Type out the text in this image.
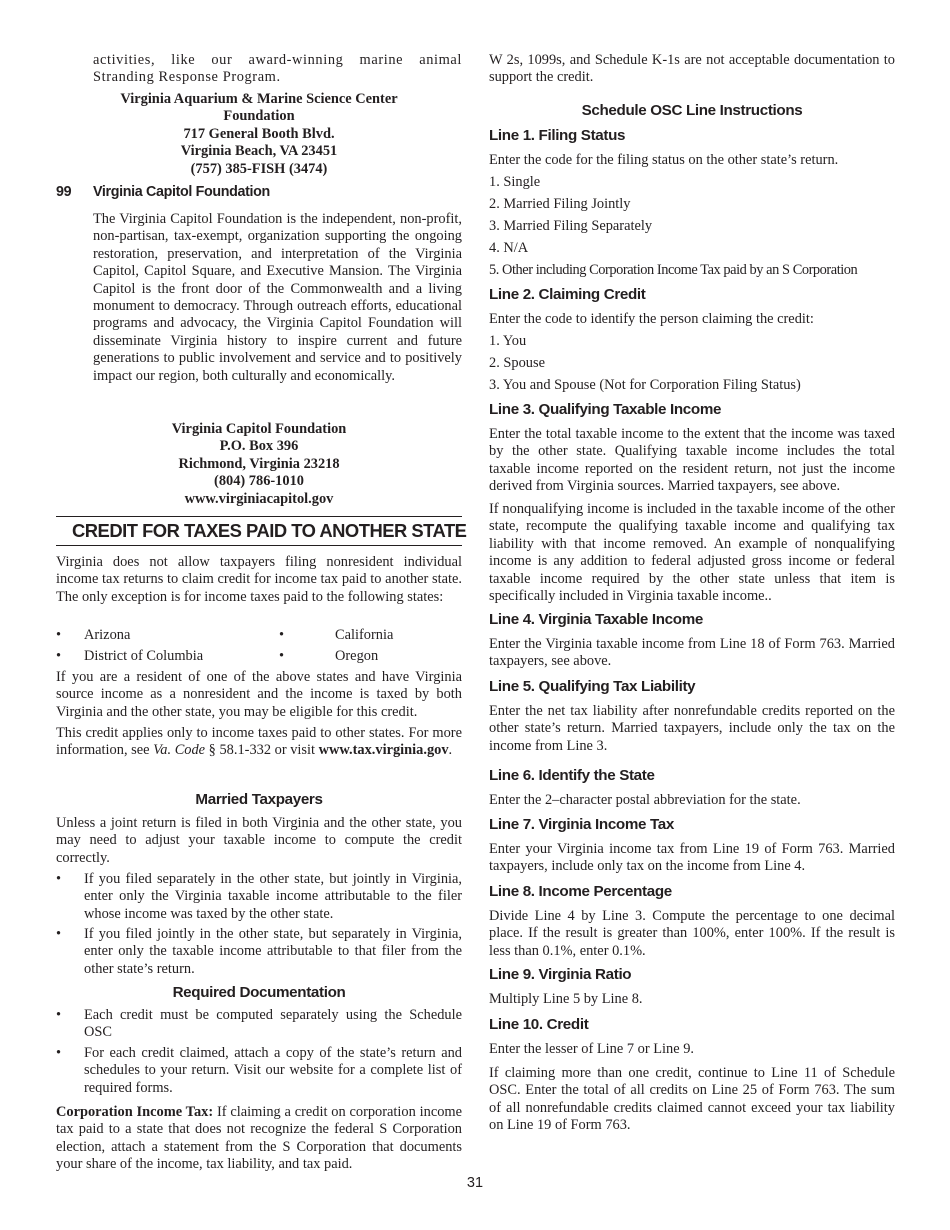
activities, like our award-winning marine animal Stranding Response Program.

Virginia Aquarium & Marine Science Center
Foundation
717 General Booth Blvd.
Virginia Beach, VA 23451
(757) 385-FISH (3474)
99 Virginia Capitol Foundation

The Virginia Capitol Foundation is the independent, non-profit, non-partisan, tax-exempt, organization supporting the ongoing restoration, preservation, and interpretation of the Virginia Capitol, Capitol Square, and Executive Mansion. The Virginia Capitol is the front door of the Commonwealth and a living monument to democracy. Through outreach efforts, educational programs and advocacy, the Virginia Capitol Foundation will disseminate Virginia history to inspire current and future generations to public involvement and service and to positively impact our region, both culturally and economically.

Virginia Capitol Foundation
P.O. Box 396
Richmond, Virginia 23218
(804) 786-1010
www.virginiacapitol.gov
CREDIT FOR TAXES PAID TO ANOTHER STATE

Virginia does not allow taxpayers filing nonresident individual income tax returns to claim credit for income tax paid to another state. The only exception is for income taxes paid to the following states:

• Arizona	•	California
• District of Columbia	•	Oregon

If you are a resident of one of the above states and have Virginia source income as a nonresident and the income is taxed by both Virginia and the other state, you may be eligible for this credit.

This credit applies only to income taxes paid to other states. For more information, see Va. Code § 58.1-332 or visit www.tax.virginia.gov.

Married Taxpayers

Unless a joint return is filed in both Virginia and the other state, you may need to adjust your taxable income to compute the credit correctly.

• If you filed separately in the other state, but jointly in Virginia, enter only the Virginia taxable income attributable to the filer whose income was taxed by the other state.

• If you filed jointly in the other state, but separately in Virginia, enter only the taxable income attributable to that filer from the other state’s return.

Required Documentation
• Each credit must be computed separately using the Schedule OSC

• For each credit claimed, attach a copy of the state’s return and schedules to your return. Visit our website for a complete list of required forms.

Corporation Income Tax: If claiming a credit on corporation income tax paid to a state that does not recognize the federal S Corporation election, attach a statement from the S Corporation that documents your share of the income, tax liability, and tax paid.

W 2s, 1099s, and Schedule K-1s are not acceptable documentation to support the credit.

Schedule OSC Line Instructions
Line 1. Filing Status

Enter the code for the filing status on the other state’s return.

1. Single
2. Married Filing Jointly
3. Married Filing Separately
4. N/A
5. Other including Corporation Income Tax paid by an S Corporation
Line 2. Claiming Credit

Enter the code to identify the person claiming the credit:

1. You
2. Spouse
3. You and Spouse (Not for Corporation Filing Status)
Line 3. Qualifying Taxable Income

Enter the total taxable income to the extent that the income was taxed by the other state. Qualifying taxable income includes the total taxable income reported on the resident return, not just the income derived from Virginia sources. Married taxpayers, see above.

If nonqualifying income is included in the taxable income of the other state, recompute the qualifying taxable income and qualifying tax liability with that income removed. An example of nonqualifying income is any addition to federal adjusted gross income or federal taxable income required by the other state unless that item is specifically included in Virginia taxable income..

Line 4. Virginia Taxable Income

Enter the Virginia taxable income from Line 18 of Form 763. Married taxpayers, see above.

Line 5. Qualifying Tax Liability

Enter the net tax liability after nonrefundable credits reported on the other state’s return. Married taxpayers, include only the tax on the income from Line 3.

Line 6. Identify the State

Enter the 2–character postal abbreviation for the state.

Line 7. Virginia Income Tax

Enter your Virginia income tax from Line 19 of Form 763. Married taxpayers, include only tax on the income from Line 4.

Line 8. Income Percentage

Divide Line 4 by Line 3. Compute the percentage to one decimal place. If the result is greater than 100%, enter 100%. If the result is less than 0.1%, enter 0.1%.

Line 9. Virginia Ratio

Multiply Line 5 by Line 8.

Line 10. Credit

Enter the lesser of Line 7 or Line 9.

If claiming more than one credit, continue to Line 11 of Schedule OSC. Enter the total of all credits on Line 25 of Form 763. The sum of all nonrefundable credits claimed cannot exceed your tax liability on Line 19 of Form 763.

31
